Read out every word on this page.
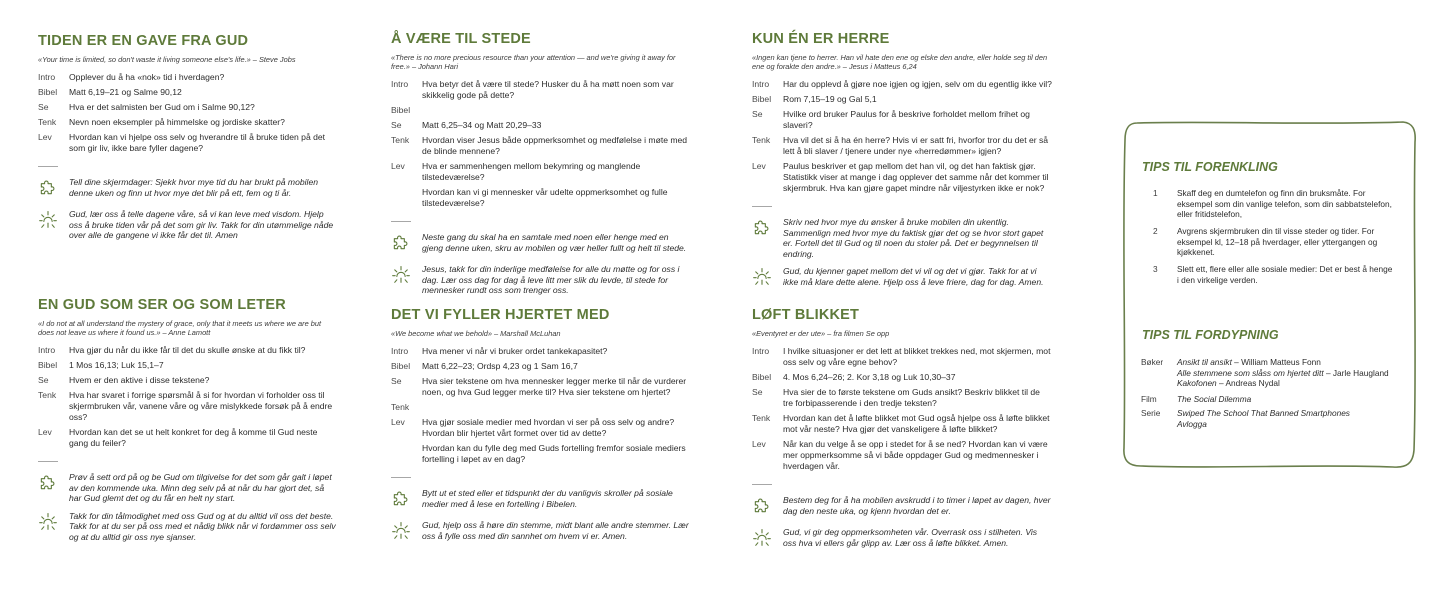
TIDEN ER EN GAVE FRA GUD
«Your time is limited, so don't waste it living someone else's life.» – Steve Jobs
Intro	Opplever du å ha «nok» tid i hverdagen?
Bibel	Matt 6,19–21 og Salme 90,12
Se	Hva er det salmisten ber Gud om i Salme 90,12?
Tenk	Nevn noen eksempler på himmelske og jordiske skatter?
Lev	Hvordan kan vi hjelpe oss selv og hverandre til å bruke tiden på det som gir liv, ikke bare fyller dagene?
Tell dine skjermdager: Sjekk hvor mye tid du har brukt på mobilen denne uken og finn ut hvor mye det blir på ett, fem og ti år.
Gud, lær oss å telle dagene våre, så vi kan leve med visdom. Hjelp oss å bruke tiden vår på det som gir liv. Takk for din utømmelige nåde over alle de gangene vi ikke får det til. Amen
EN GUD SOM SER OG SOM LETER
«I do not at all understand the mystery of grace, only that it meets us where we are but does not leave us where it found us.» – Anne Lamott
Intro	Hva gjør du når du ikke får til det du skulle ønske at du fikk til?
Bibel	1 Mos 16,13; Luk 15,1–7
Se	Hvem er den aktive i disse tekstene?
Tenk	Hva har svaret i forrige spørsmål å si for hvordan vi forholder oss til skjermbruken vår, vanene våre og våre mislykkede forsøk på å endre oss?
Lev	Hvordan kan det se ut helt konkret for deg å komme til Gud neste gang du feiler?
Prøv å sett ord på og be Gud om tilgivelse for det som går galt i løpet av den kommende uka. Minn deg selv på at når du har gjort det, så har Gud glemt det og du får en helt ny start.
Takk for din tålmodighet med oss Gud og at du alltid vil oss det beste. Takk for at du ser på oss med et nådig blikk når vi fordømmer oss selv og at du alltid gir oss nye sjanser.
Å VÆRE TIL STEDE
«There is no more precious resource than your attention — and we're giving it away for free.» – Johann Hari
Intro	Hva betyr det å være til stede? Husker du å ha møtt noen som var skikkelig gode på dette?
Bibel
Se	Matt 6,25–34 og Matt 20,29–33
Tenk	Hvordan viser Jesus både oppmerksomhet og medfølelse i møte med de blinde mennene?
Lev	Hva er sammenhengen mellom bekymring og manglende tilstedeværelse?
Hvordan kan vi gi mennesker vår udelte oppmerksomhet og fulle tilstedeværelse?
Neste gang du skal ha en samtale med noen eller henge med en gjeng denne uken, skru av mobilen og vær heller fullt og helt til stede.
Jesus, takk for din inderlige medfølelse for alle du møtte og for oss i dag. Lær oss dag for dag å leve litt mer slik du levde, til stede for mennesker rundt oss som trenger oss.
DET VI FYLLER HJERTET MED
«We become what we behold» – Marshall McLuhan
Intro	Hva mener vi når vi bruker ordet tankekapasitet?
Bibel	Matt 6,22–23; Ordsp 4,23 og 1 Sam 16,7
Se	Hva sier tekstene om hva mennesker legger merke til når de vurderer noen, og hva Gud legger merke til? Hva sier tekstene om hjertet?
Tenk
Lev	Hva gjør sosiale medier med hvordan vi ser på oss selv og andre? Hvordan blir hjertet vårt formet over tid av dette?
Hvordan kan du fylle deg med Guds fortelling fremfor sosiale mediers fortelling i løpet av en dag?
Bytt ut et sted eller et tidspunkt der du vanligvis skroller på sosiale medier med å lese en fortelling i Bibelen.
Gud, hjelp oss å høre din stemme, midt blant alle andre stemmer. Lær oss å fylle oss med din sannhet om hvem vi er. Amen.
KUN ÉN ER HERRE
«Ingen kan tjene to herrer. Han vil hate den ene og elske den andre, eller holde seg til den ene og forakte den andre.» – Jesus i Matteus 6,24
Intro	Har du opplevd å gjøre noe igjen og igjen, selv om du egentlig ikke vil?
Bibel	Rom 7,15–19 og Gal 5,1
Se	Hvilke ord bruker Paulus for å beskrive forholdet mellom frihet og slaveri?
Tenk	Hva vil det si å ha én herre? Hvis vi er satt fri, hvorfor tror du det er så lett å bli slaver / tjenere under nye «herredømmer» igjen?
Lev	Paulus beskriver et gap mellom det han vil, og det han faktisk gjør. Statistikk viser at mange i dag opplever det samme når det kommer til skjermbruk. Hva kan gjøre gapet mindre når viljestyrken ikke er nok?
Skriv ned hvor mye du ønsker å bruke mobilen din ukentlig. Sammenlign med hvor mye du faktisk gjør det og se hvor stort gapet er. Fortell det til Gud og til noen du stoler på. Det er begynnelsen til endring.
Gud, du kjenner gapet mellom det vi vil og det vi gjør. Takk for at vi ikke må klare dette alene. Hjelp oss å leve friere, dag for dag. Amen.
LØFT BLIKKET
«Eventyret er der ute» – fra filmen Se opp
Intro	I hvilke situasjoner er det lett at blikket trekkes ned, mot skjermen, mot oss selv og våre egne behov?
Bibel	4. Mos 6,24–26; 2. Kor 3,18 og Luk 10,30–37
Se	Hva sier de to første tekstene om Guds ansikt? Beskriv blikket til de tre forbipasserende i den tredje teksten?
Tenk	Hvordan kan det å løfte blikket mot Gud også hjelpe oss å løfte blikket mot vår neste? Hva gjør det vanskeligere å løfte blikket?
Lev	Når kan du velge å se opp i stedet for å se ned? Hvordan kan vi være mer oppmerksomme så vi både oppdager Gud og medmennesker i hverdagen vår.
Bestem deg for å ha mobilen avskrudd i to timer i løpet av dagen, hver dag den neste uka, og kjenn hvordan det er.
Gud, vi gir deg oppmerksomheten vår. Overrask oss i stilheten. Vis oss hva vi ellers går glipp av. Lær oss å løfte blikket. Amen.
TIPS TIL FORENKLING
1	Skaff deg en dumtelefon og finn din bruksmåte. For eksempel som din vanlige telefon, som din sabbatstelefon, eller fritidstelefon,
2	Avgrens skjermbruken din til visse steder og tider. For eksempel kl, 12–18 på hverdager, eller yttergangen og kjøkkenet.
3	Slett ett, flere eller alle sosiale medier: Det er best å henge i den virkelige verden.
TIPS TIL FORDYPNING
Bøker	Ansikt til ansikt – William Matteus Fonn
Alle stemmene som slåss om hjertet ditt – Jarle Haugland
Kakofonen – Andreas Nydal
Film	The Social Dilemma
Serie	Swiped The School That Banned Smartphones
Avlogga
